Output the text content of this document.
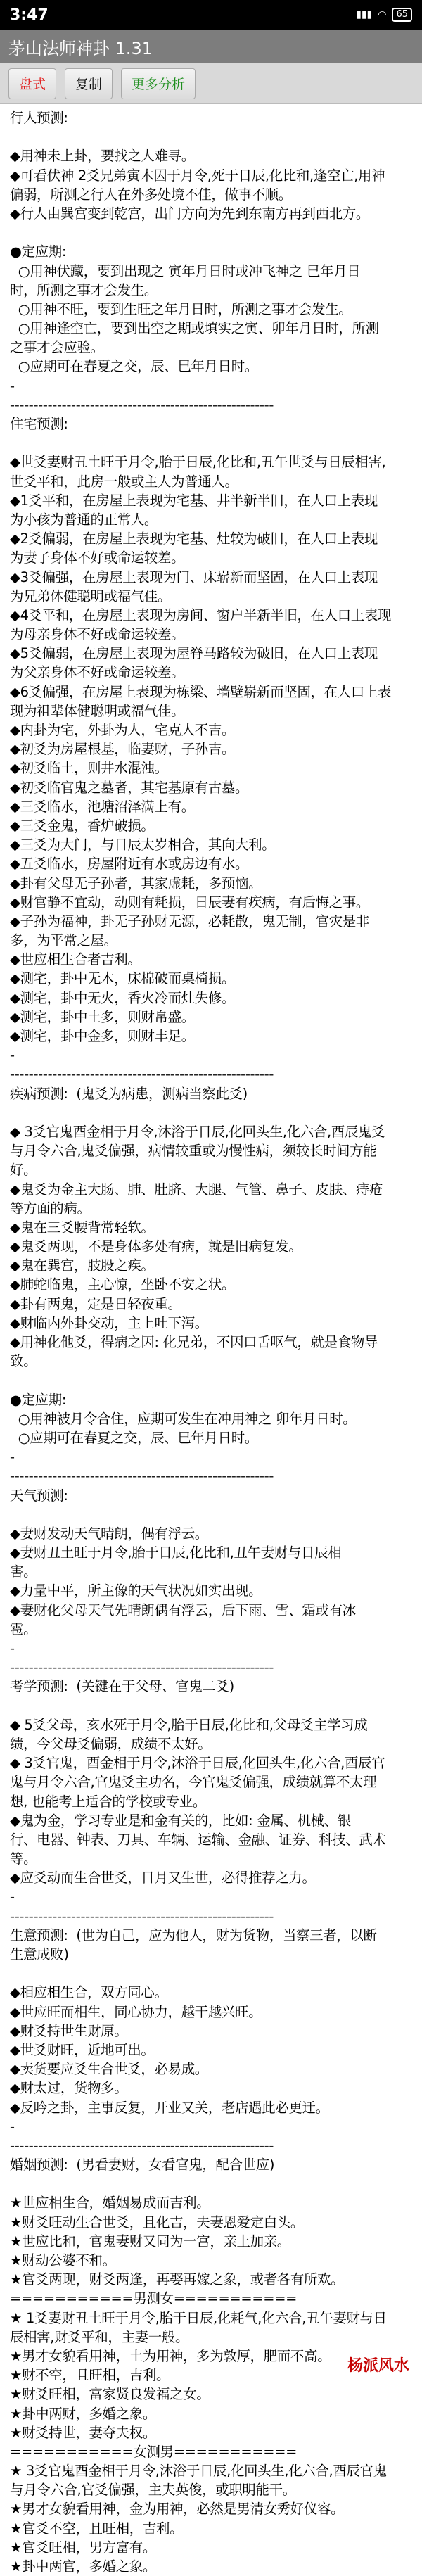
3:47	▮▮▮ ◠	65
茅山法师神卦 1.31
盘式	复制	更多分析
行人预测:
◆用神未上卦，要找之人难寻。
◆可看伏神 2爻兄弟寅木囚于月令,死于日辰,化比和,逢空亡,用神
偏弱，所测之行人在外多处境不佳，做事不顺。
◆行人由巽宫变到乾宫，出门方向为先到东南方再到西北方。
●定应期:
○用神伏藏，要到出现之 寅年月日时或冲飞神之 巳年月日
时，所测之事才会发生。
○用神不旺，要到生旺之年月日时，所测之事才会发生。
○用神逢空亡，要到出空之期或填实之寅、卯年月日时，所测
之事才会应验。
○应期可在春夏之交，辰、巳年月日时。
-
--------------------------------------------------------
住宅预测:
◆世爻妻财丑土旺于月令,胎于日辰,化比和,丑午世爻与日辰相害,
世爻平和，此房一般或主人为普通人。
◆1爻平和，在房屋上表现为宅基、井半新半旧，在人口上表现
为小孩为普通的正常人。
◆2爻偏弱，在房屋上表现为宅基、灶较为破旧，在人口上表现
为妻子身体不好或命运较差。
◆3爻偏强，在房屋上表现为门、床崭新而坚固，在人口上表现
为兄弟体健聪明或福气佳。
◆4爻平和，在房屋上表现为房间、窗户半新半旧，在人口上表现
为母亲身体不好或命运较差。
◆5爻偏弱，在房屋上表现为屋脊马路较为破旧，在人口上表现
为父亲身体不好或命运较差。
◆6爻偏强，在房屋上表现为栋梁、墙壁崭新而坚固，在人口上表
现为祖辈体健聪明或福气佳。
◆内卦为宅，外卦为人，宅克人不吉。
◆初爻为房屋根基，临妻财，子孙吉。
◆初爻临土，则井水混浊。
◆初爻临官鬼之墓者，其宅基原有古墓。
◆三爻临水，池塘沼泽满上有。
◆三爻金鬼，香炉破损。
◆三爻为大门，与日辰太岁相合，其向大利。
◆五爻临水，房屋附近有水或房边有水。
◆卦有父母无子孙者，其家虚耗，多预恼。
◆财官静不宜动，动则有耗损，日辰妻有疾病，有后悔之事。
◆子孙为福神，卦无子孙财无源，必耗散，鬼无制，官灾是非
多，为平常之屋。
◆世应相生合者吉利。
◆测宅，卦中无木，床棉破而桌椅损。
◆测宅，卦中无火，香火冷而灶失修。
◆测宅，卦中土多，则财帛盛。
◆测宅，卦中金多，则财丰足。
-
--------------------------------------------------------
疾病预测:  (鬼爻为病患，测病当察此爻)
◆ 3爻官鬼酉金相于月令,沐浴于日辰,化回头生,化六合,酉辰鬼爻
与月令六合,鬼爻偏强，病情较重或为慢性病，须较长时间方能
好。
◆鬼爻为金主大肠、肺、肚脐、大腿、气管、鼻子、皮肤、痔疮
等方面的病。
◆鬼在三爻腰背常轻软。
◆鬼爻两现，不是身体多处有病，就是旧病复发。
◆鬼在巽宫，肢股之疾。
◆肺蛇临鬼，主心惊，坐卧不安之状。
◆卦有两鬼，定是日轻夜重。
◆财临内外卦交动，主上吐下泻。
◆用神化他爻，得病之因: 化兄弟，不因口舌呕气，就是食物导
致。
●定应期:
○用神被月令合住，应期可发生在冲用神之 卯年月日时。
○应期可在春夏之交，辰、巳年月日时。
-
--------------------------------------------------------
天气预测:
◆妻财发动天气晴朗，偶有浮云。
◆妻财丑土旺于月令,胎于日辰,化比和,丑午妻财与日辰相
害。
◆力量中平，所主像的天气状况如实出现。
◆妻财化父母天气先晴朗偶有浮云，后下雨、雪、霜或有冰
雹。
-
--------------------------------------------------------
考学预测:  (关键在于父母、官鬼二爻)
◆ 5爻父母，亥水死于月令,胎于日辰,化比和,父母爻主学习成
绩，今父母爻偏弱，成绩不太好。
◆ 3爻官鬼，酉金相于月令,沐浴于日辰,化回头生,化六合,酉辰官
鬼与月令六合,官鬼爻主功名，今官鬼爻偏强，成绩就算不太理
想, 也能考上适合的学校或专业。
◆鬼为金，学习专业是和金有关的，比如: 金属、机械、银
行、电器、钟表、刀具、车辆、运输、金融、证券、科技、武术
等。
◆应爻动而生合世爻，日月又生世，必得推荐之力。
-
--------------------------------------------------------
生意预测:  (世为自己，应为他人，财为货物，当察三者，以断
生意成败)
◆相应相生合，双方同心。
◆世应旺而相生，同心协力，越干越兴旺。
◆财爻持世生财原。
◆世爻财旺，近地可出。
◆卖货要应爻生合世爻，必易成。
◆财太过，货物多。
◆反吟之卦，主事反复，开业又关，老店遇此必更迁。
-
--------------------------------------------------------
婚姻预测:  (男看妻财，女看官鬼，配合世应)
★世应相生合，婚姻易成而吉利。
★财爻旺动生合世爻，且化吉，夫妻恩爱定白头。
★世应比和，官鬼妻财又同为一宫，亲上加亲。
★财动公婆不和。
★官爻两现，财爻两逢，再娶再嫁之象，或者各有所欢。
===========男测女===========
★ 1爻妻财丑土旺于月令,胎于日辰,化耗气,化六合,丑午妻财与日
辰相害,财爻平和，主妻一般。
★男才女貌看用神，土为用神，多为敦厚，肥而不高。
★财不空，且旺相，吉利。
★财爻旺相，富家贤良发福之女。
★卦中两财，多婚之象。
★财爻持世，妻夺夫权。
===========女测男===========
★ 3爻官鬼酉金相于月令,沐浴于日辰,化回头生,化六合,酉辰官鬼
与月令六合,官爻偏强，主夫英俊，或职明能干。
★男才女貌看用神，金为用神，必然是男清女秀好仪容。
★官爻不空，且旺相，吉利。
★官爻旺相，男方富有。
★卦中两官，多婚之象。
杨派风水
